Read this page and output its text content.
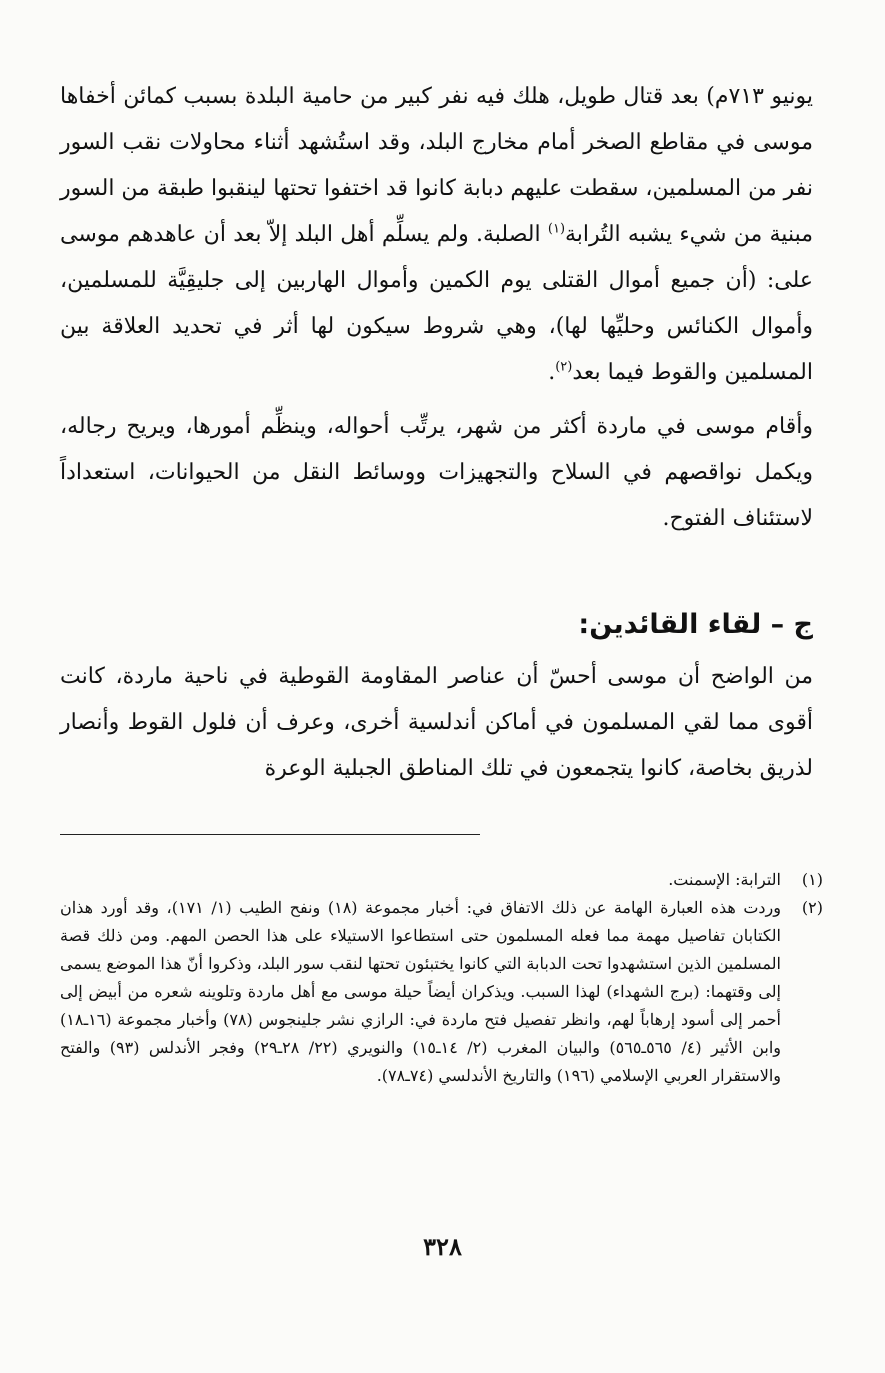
يونيو ٧١٣م) بعد قتال طويل، هلك فيه نفر كبير من حامية البلدة بسبب كمائن أخفاها موسى في مقاطع الصخر أمام مخارج البلد، وقد استُشهد أثناء محاولات نقب السور نفر من المسلمين، سقطت عليهم دبابة كانوا قد اختفوا تحتها لينقبوا طبقة من السور مبنية من شيء يشبه التُرابة$^{(١)}$ الصلبة. ولم يسلِّم أهل البلد إلاّ بعد أن عاهدهم موسى على: (أن جميع أموال القتلى يوم الكمين وأموال الهاربين إلى جليقِيَّة للمسلمين، وأموال الكنائس وحليِّها لها)، وهي شروط سيكون لها أثر في تحديد العلاقة بين المسلمين والقوط فيما بعد$^{(٢)}$.

وأقام موسى في ماردة أكثر من شهر، يرتِّب أحواله، وينظِّم أمورها، ويريح رجاله، ويكمل نواقصهم في السلاح والتجهيزات ووسائط النقل من الحيوانات، استعداداً لاستئناف الفتوح.

ج – لقاء القائدين:

من الواضح أن موسى أحسّ أن عناصر المقاومة القوطية في ناحية ماردة، كانت أقوى مما لقي المسلمون في أماكن أندلسية أخرى، وعرف أن فلول القوط وأنصار لذريق بخاصة، كانوا يتجمعون في تلك المناطق الجبلية الوعرة

(١)
الترابة: الإسمنت.
(٢)
وردت هذه العبارة الهامة عن ذلك الاتفاق في: أخبار مجموعة (١٨) ونفح الطيب (١/ ١٧١)، وقد أورد هذان الكتابان تفاصيل مهمة مما فعله المسلمون حتى استطاعوا الاستيلاء على هذا الحصن المهم. ومن ذلك قصة المسلمين الذين استشهدوا تحت الدبابة التي كانوا يختبئون تحتها لنقب سور البلد، وذكروا أنّ هذا الموضع يسمى إلى وقتهما: (برج الشهداء) لهذا السبب. ويذكران أيضاً حيلة موسى مع أهل ماردة وتلوينه شعره من أبيض إلى أحمر إلى أسود إرهاباً لهم، وانظر تفصيل فتح ماردة في: الرازي نشر جلينجوس (٧٨) وأخبار مجموعة (١٦ـ١٨) وابن الأثير (٤/ ٥٦٥ـ٥٦٥) والبيان المغرب (٢/ ١٤ـ١٥) والنويري (٢٢/ ٢٨ـ٢٩) وفجر الأندلس (٩٣) والفتح والاستقرار العربي الإسلامي (١٩٦) والتاريخ الأندلسي (٧٤ـ٧٨).
٣٢٨
